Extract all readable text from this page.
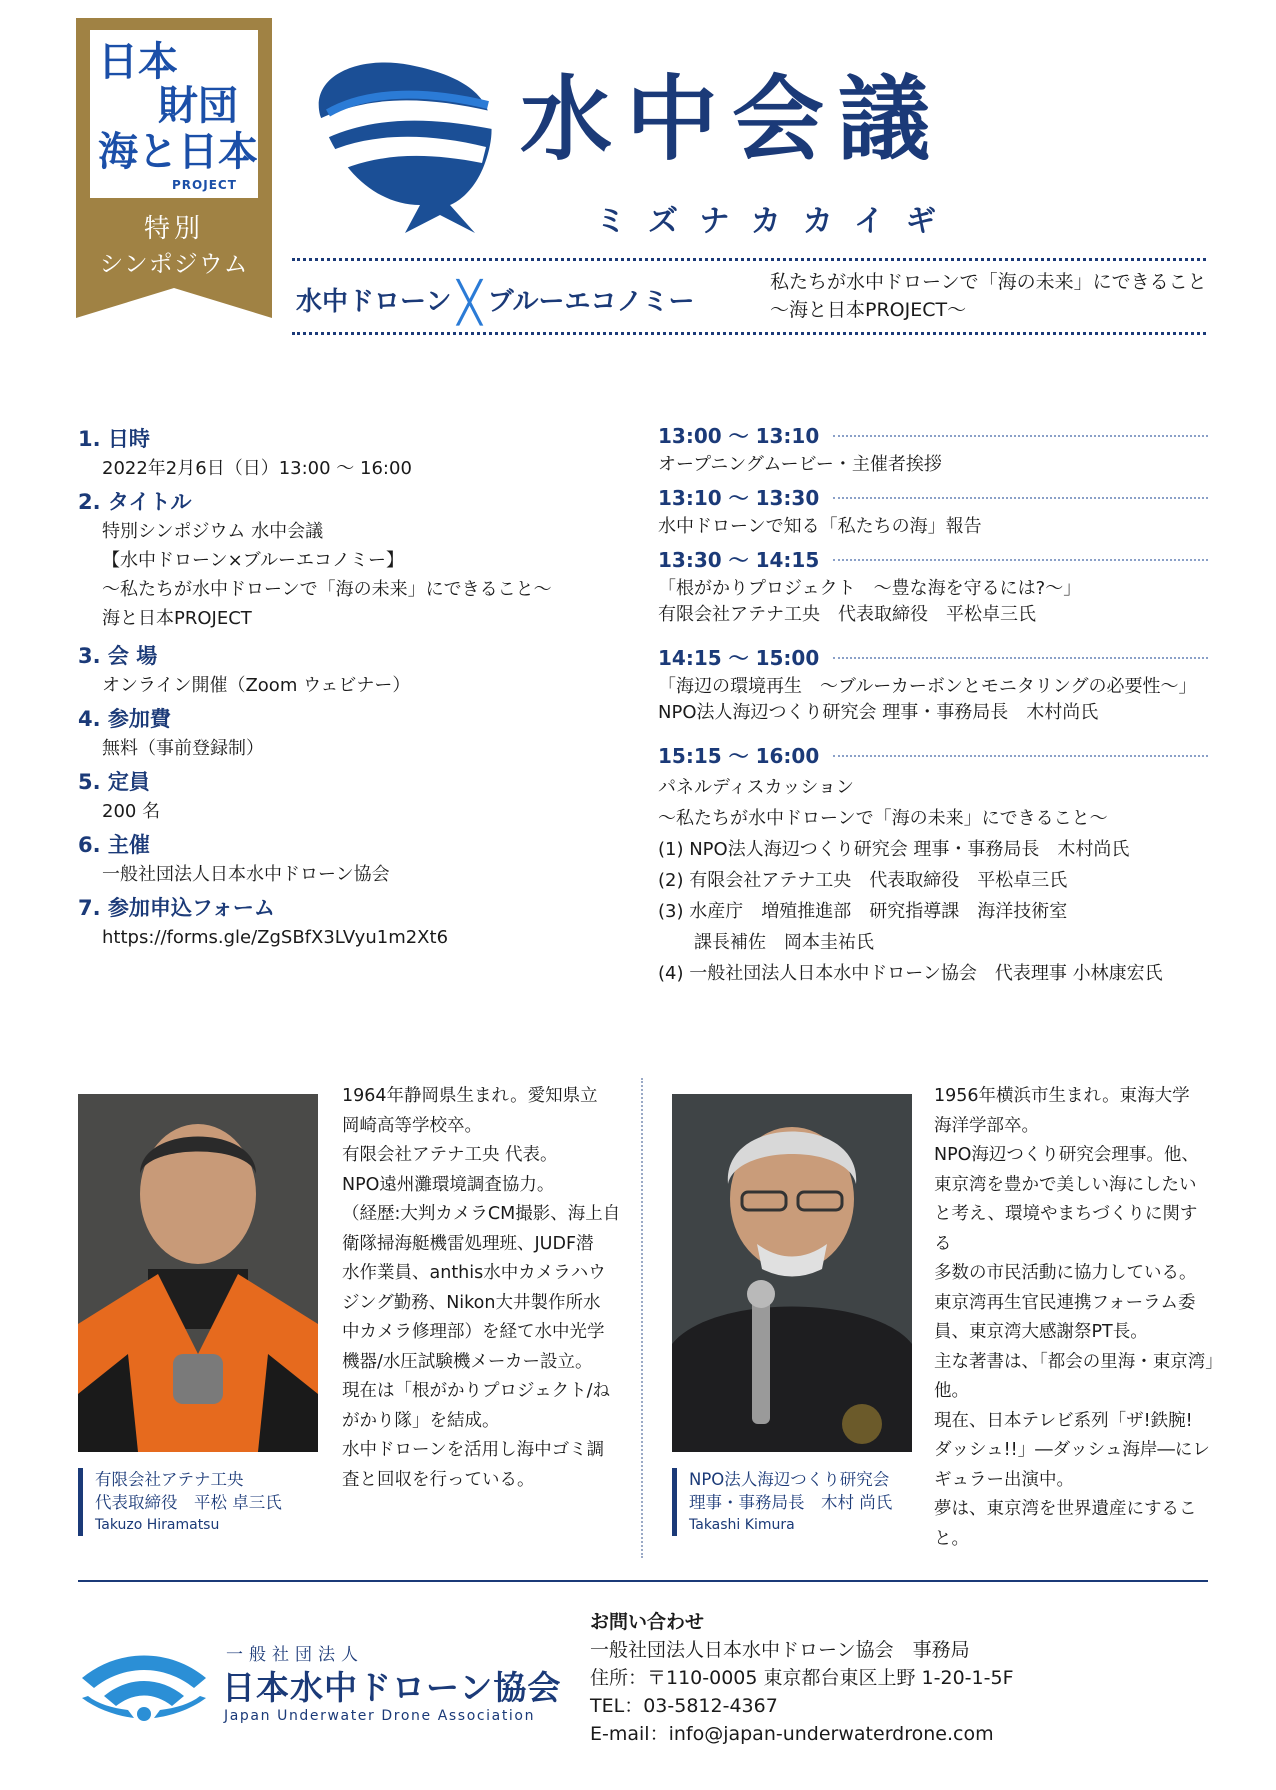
日本
財団
海と日本
PROJECT
特別
シンポジウム
水中会議
ミズナカカイギ
水中ドローン ╳ ブルーエコノミー
私たちが水中ドローンで「海の未来」にできること
～海と日本PROJECT～
概要	プログラム
講演者紹介
1. 日時
2022年2月6日（日）13:00 ～ 16:00
2. タイトル
特別シンポジウム 水中会議
【水中ドローン×ブルーエコノミー】
～私たちが水中ドローンで「海の未来」にできること～
海と日本PROJECT
3. 会 場
オンライン開催（Zoom ウェビナー）
4. 参加費
無料（事前登録制）
5. 定員
200 名
6. 主催
一般社団法人日本水中ドローン協会
7. 参加申込フォーム
https://forms.gle/ZgSBfX3LVyu1m2Xt6
13:00 ～ 13:10
オープニングムービー・主催者挨拶
13:10 ～ 13:30
水中ドローンで知る「私たちの海」報告
13:30 ～ 14:15
「根がかりプロジェクト　～豊な海を守るには?～」
有限会社アテナ工央　代表取締役　平松卓三氏
14:15 ～ 15:00
「海辺の環境再生　～ブルーカーボンとモニタリングの必要性～」
NPO法人海辺つくり研究会 理事・事務局長　木村尚氏
15:15 ～ 16:00
パネルディスカッション
～私たちが水中ドローンで「海の未来」にできること～
(1) NPO法人海辺つくり研究会 理事・事務局長　木村尚氏
(2) 有限会社アテナ工央　代表取締役　平松卓三氏
(3) 水産庁　増殖推進部　研究指導課　海洋技術室
　　課長補佐　岡本圭祐氏
(4) 一般社団法人日本水中ドローン協会　代表理事 小林康宏氏
1964年静岡県生まれ。愛知県立
岡崎高等学校卒。
有限会社アテナ工央 代表。
NPO遠州灘環境調査協力。
（経歴:大判カメラCM撮影、海上自
衛隊掃海艇機雷処理班、JUDF潜
水作業員、anthis水中カメラハウ
ジング勤務、Nikon大井製作所水
中カメラ修理部）を経て水中光学
機器/水圧試験機メーカー設立。
現在は「根がかりプロジェクト/ね
がかり隊」を結成。
水中ドローンを活用し海中ゴミ調
査と回収を行っている。
有限会社アテナ工央
代表取締役　平松 卓三氏
Takuzo Hiramatsu
1956年横浜市生まれ。東海大学
海洋学部卒。
NPO海辺つくり研究会理事。他、
東京湾を豊かで美しい海にしたい
と考え、環境やまちづくりに関する
多数の市民活動に協力している。
東京湾再生官民連携フォーラム委
員、東京湾大感謝祭PT長。
主な著書は、「都会の里海・東京湾」
他。
現在、日本テレビ系列「ザ!鉄腕!
ダッシュ!!」―ダッシュ海岸―にレ
ギュラー出演中。
夢は、東京湾を世界遺産にするこ
と。
NPO法人海辺つくり研究会
理事・事務局長　木村 尚氏
Takashi Kimura
一般社団法人
日本水中ドローン協会
Japan Underwater Drone Association
お問い合わせ
一般社団法人日本水中ドローン協会　事務局
住所：〒110-0005 東京都台東区上野 1-20-1-5F
TEL：03-5812-4367
E-mail：info@japan-underwaterdrone.com
